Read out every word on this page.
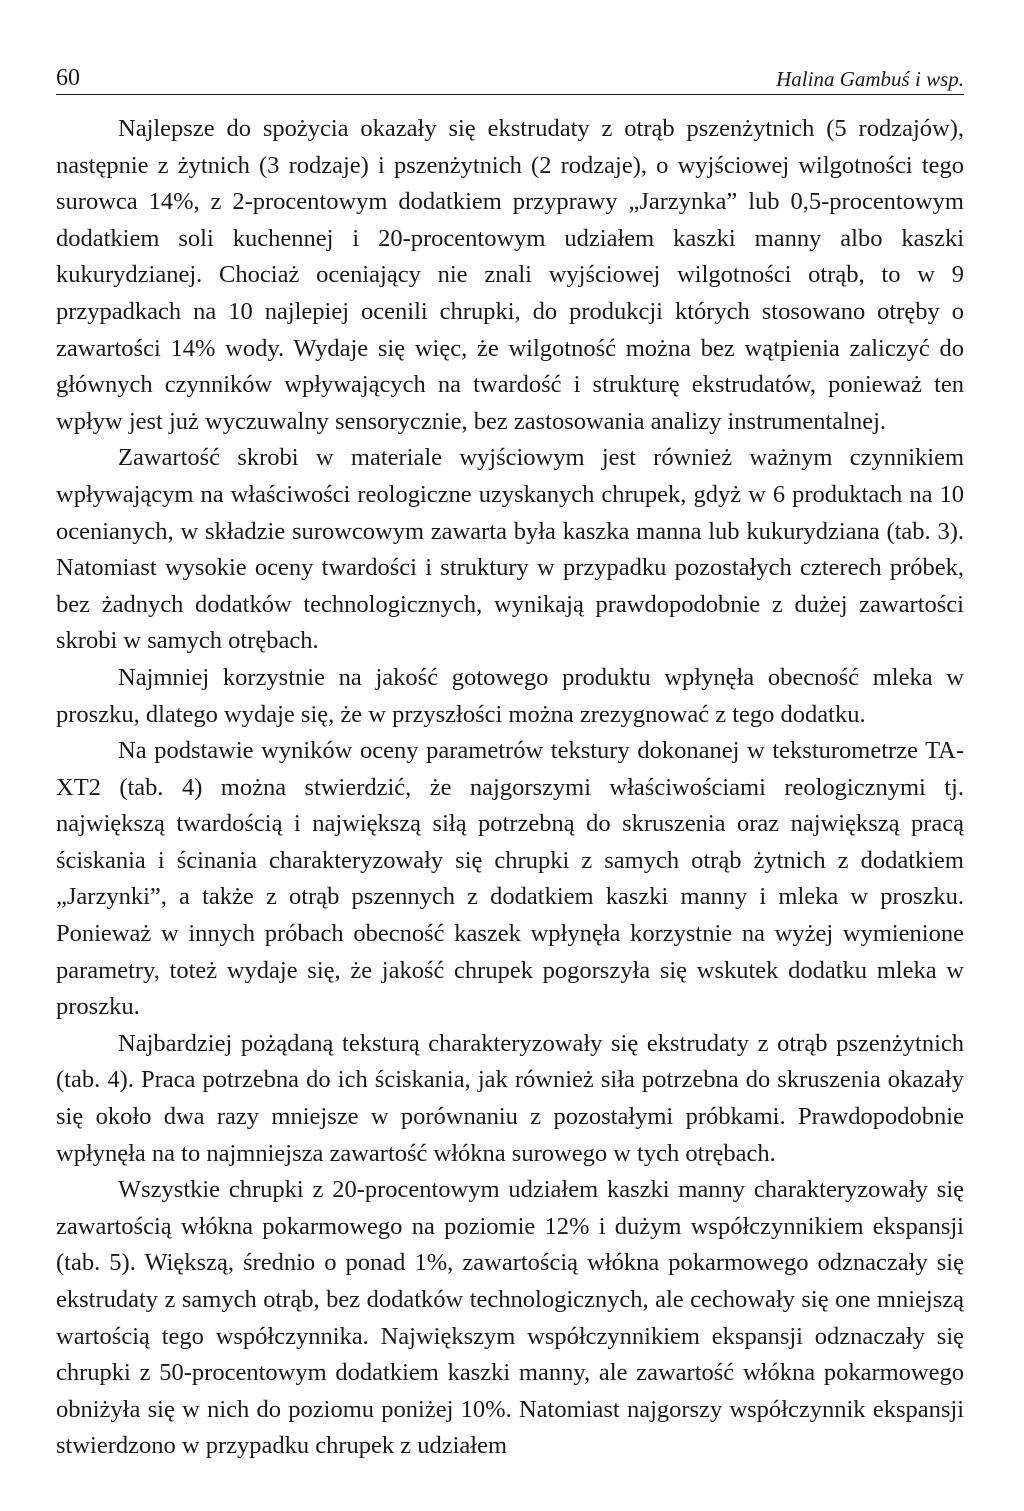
60	Halina Gambuś i wsp.

Najlepsze do spożycia okazały się ekstrudaty z otrąb pszenżytnich (5 rodzajów), następnie z żytnich (3 rodzaje) i pszenżytnich (2 rodzaje), o wyjściowej wilgotności tego surowca 14%, z 2-procentowym dodatkiem przyprawy „Jarzynka” lub 0,5-procentowym dodatkiem soli kuchennej i 20-procentowym udziałem kaszki manny albo kaszki kukurydzianej. Chociaż oceniający nie znali wyjściowej wilgotności otrąb, to w 9 przypadkach na 10 najlepiej ocenili chrupki, do produkcji których stosowano otręby o zawartości 14% wody. Wydaje się więc, że wilgotność można bez wątpienia zaliczyć do głównych czynników wpływających na twardość i strukturę ekstrudatów, ponieważ ten wpływ jest już wyczuwalny sensorycznie, bez zastosowania analizy instrumentalnej.

Zawartość skrobi w materiale wyjściowym jest również ważnym czynnikiem wpływającym na właściwości reologiczne uzyskanych chrupek, gdyż w 6 produktach na 10 ocenianych, w składzie surowcowym zawarta była kaszka manna lub kukurydziana (tab. 3). Natomiast wysokie oceny twardości i struktury w przypadku pozostałych czterech próbek, bez żadnych dodatków technologicznych, wynikają prawdopodobnie z dużej zawartości skrobi w samych otrębach.

Najmniej korzystnie na jakość gotowego produktu wpłynęła obecność mleka w proszku, dlatego wydaje się, że w przyszłości można zrezygnować z tego dodatku.

Na podstawie wyników oceny parametrów tekstury dokonanej w teksturometrze TA-XT2 (tab. 4) można stwierdzić, że najgorszymi właściwościami reologicznymi tj. największą twardością i największą siłą potrzebną do skruszenia oraz największą pracą ściskania i ścinania charakteryzowały się chrupki z samych otrąb żytnich z dodatkiem „Jarzynki”, a także z otrąb pszennych z dodatkiem kaszki manny i mleka w proszku. Ponieważ w innych próbach obecność kaszek wpłynęła korzystnie na wyżej wymienione parametry, toteż wydaje się, że jakość chrupek pogorszyła się wskutek dodatku mleka w proszku.

Najbardziej pożądaną teksturą charakteryzowały się ekstrudaty z otrąb pszenżytnich (tab. 4). Praca potrzebna do ich ściskania, jak również siła potrzebna do skruszenia okazały się około dwa razy mniejsze w porównaniu z pozostałymi próbkami. Prawdopodobnie wpłynęła na to najmniejsza zawartość włókna surowego w tych otrębach.

Wszystkie chrupki z 20-procentowym udziałem kaszki manny charakteryzowały się zawartością włókna pokarmowego na poziomie 12% i dużym współczynnikiem ekspansji (tab. 5). Większą, średnio o ponad 1%, zawartością włókna pokarmowego odznaczały się ekstrudaty z samych otrąb, bez dodatków technologicznych, ale cechowały się one mniejszą wartością tego współczynnika. Największym współczynnikiem ekspansji odznaczały się chrupki z 50-procentowym dodatkiem kaszki manny, ale zawartość włókna pokarmowego obniżyła się w nich do poziomu poniżej 10%. Natomiast najgorszy współczynnik ekspansji stwierdzono w przypadku chrupek z udziałem
